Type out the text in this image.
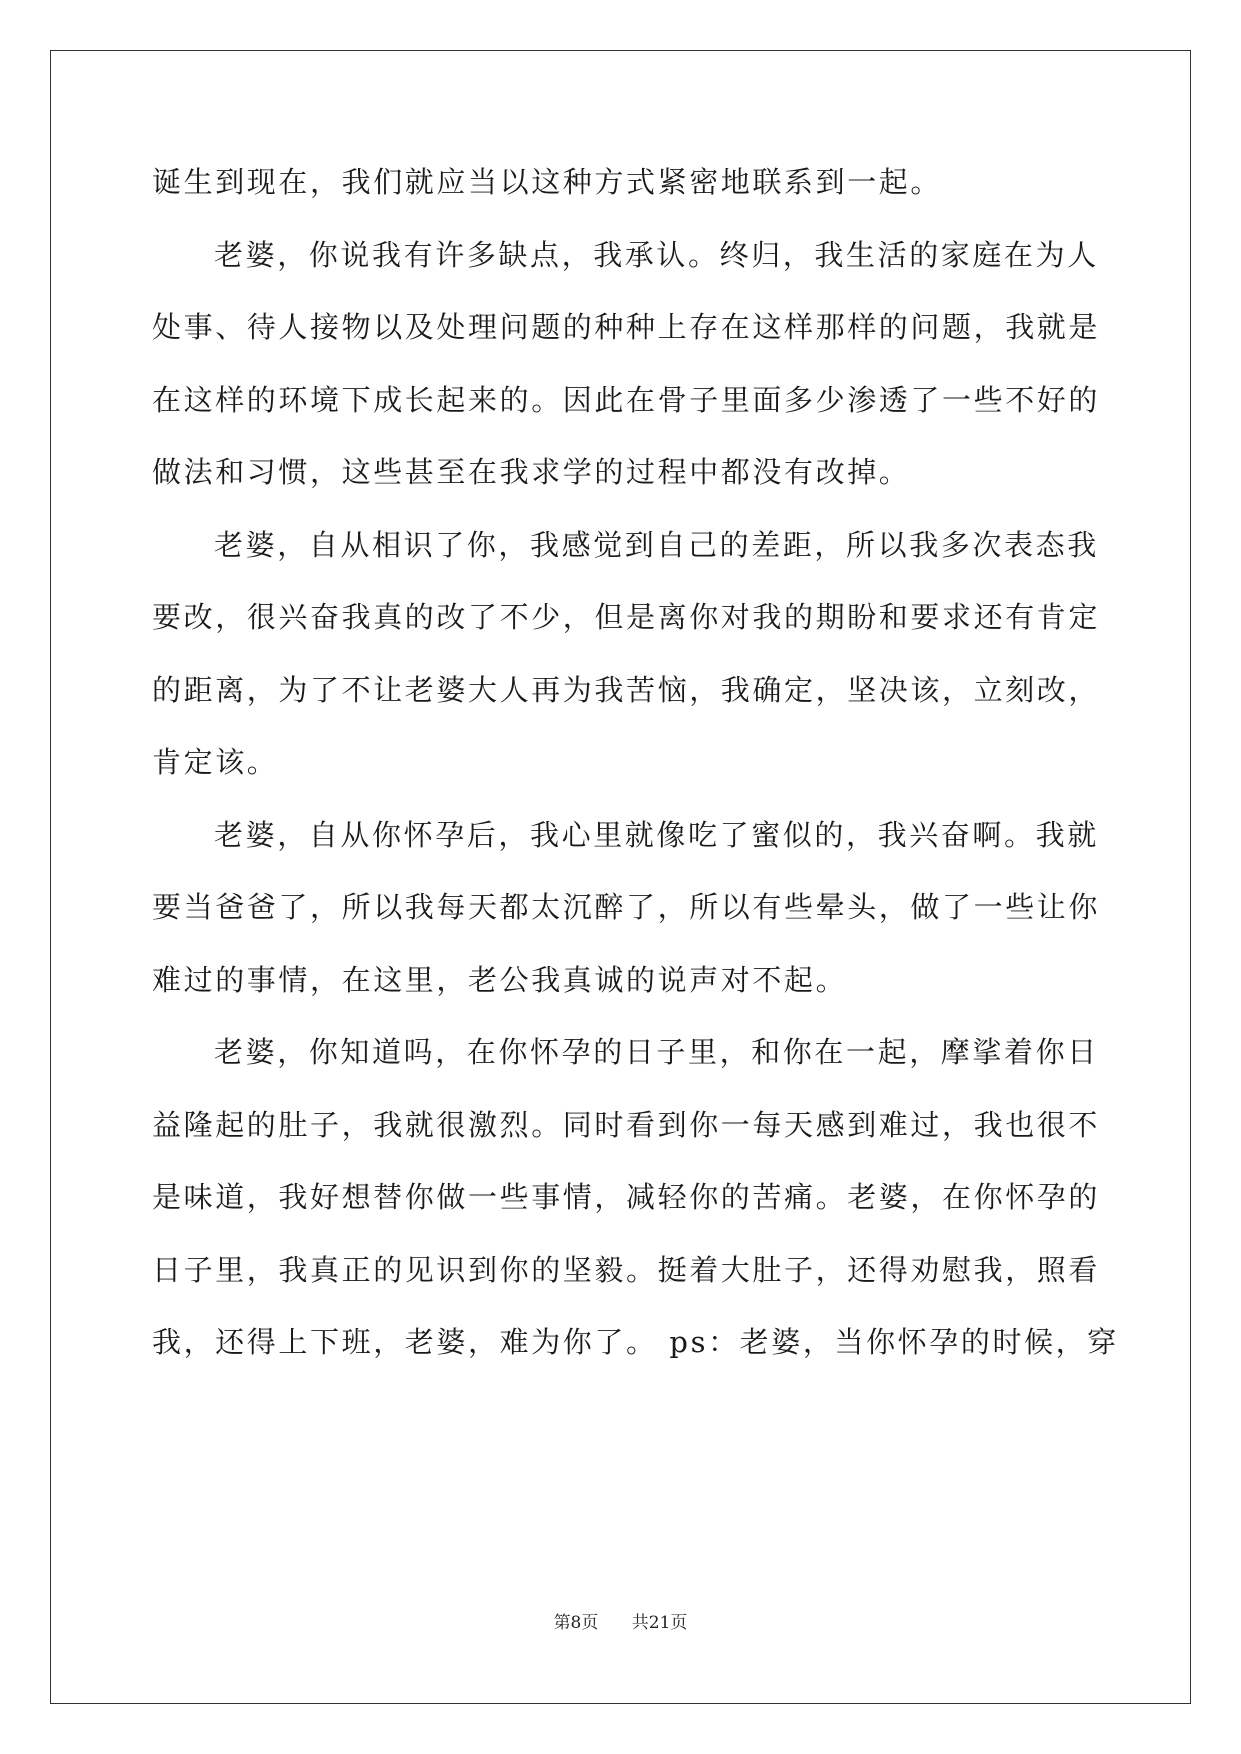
诞生到现在，我们就应当以这种方式紧密地联系到一起。

老婆，你说我有许多缺点，我承认。终归，我生活的家庭在为人

处事、待人接物以及处理问题的种种上存在这样那样的问题，我就是

在这样的环境下成长起来的。因此在骨子里面多少渗透了一些不好的

做法和习惯，这些甚至在我求学的过程中都没有改掉。

老婆，自从相识了你，我感觉到自己的差距，所以我多次表态我

要改，很兴奋我真的改了不少，但是离你对我的期盼和要求还有肯定

的距离，为了不让老婆大人再为我苦恼，我确定，坚决该，立刻改，

肯定该。

老婆，自从你怀孕后，我心里就像吃了蜜似的，我兴奋啊。我就

要当爸爸了，所以我每天都太沉醉了，所以有些晕头，做了一些让你

难过的事情，在这里，老公我真诚的说声对不起。

老婆，你知道吗，在你怀孕的日子里，和你在一起，摩挲着你日

益隆起的肚子，我就很激烈。同时看到你一每天感到难过，我也很不

是味道，我好想替你做一些事情，减轻你的苦痛。老婆，在你怀孕的

日子里，我真正的见识到你的坚毅。挺着大肚子，还得劝慰我，照看

我，还得上下班，老婆，难为你了。 ps：老婆，当你怀孕的时候，穿

第8页 共21页
